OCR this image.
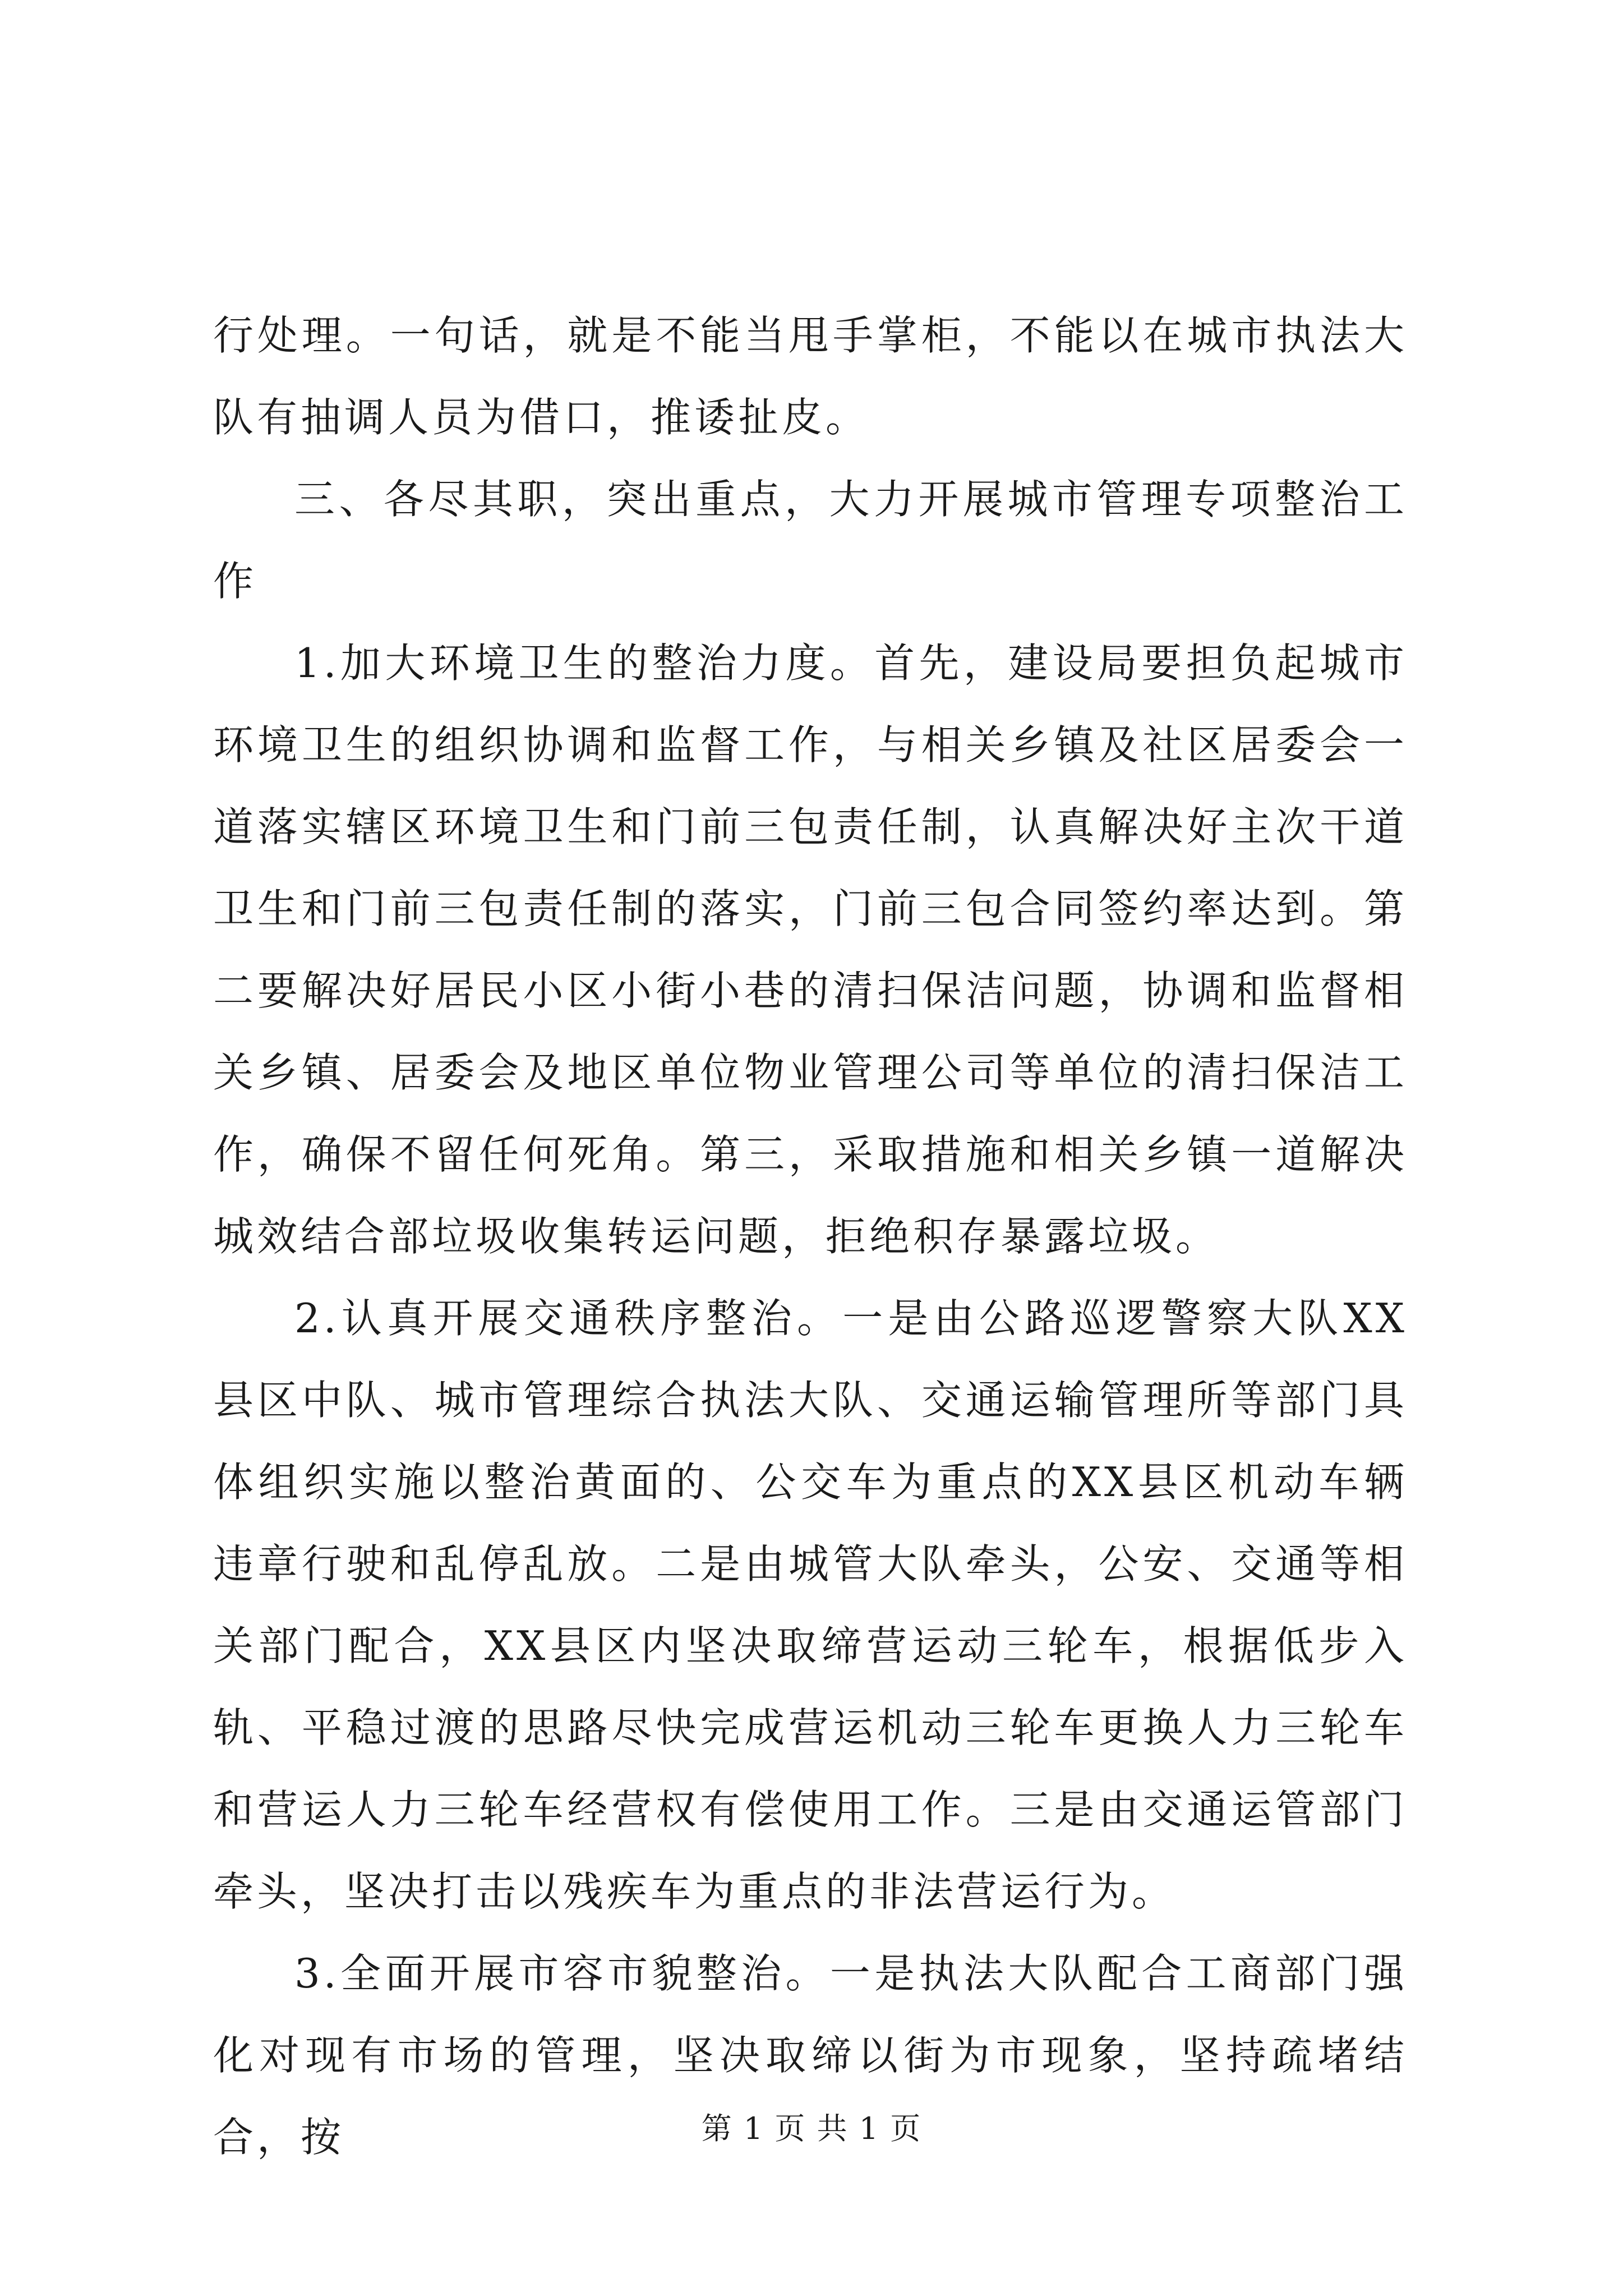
行处理。一句话，就是不能当甩手掌柜，不能以在城市执法大队有抽调人员为借口，推诿扯皮。

三、各尽其职，突出重点，大力开展城市管理专项整治工作

1.加大环境卫生的整治力度。首先，建设局要担负起城市环境卫生的组织协调和监督工作，与相关乡镇及社区居委会一道落实辖区环境卫生和门前三包责任制，认真解决好主次干道卫生和门前三包责任制的落实，门前三包合同签约率达到。第二要解决好居民小区小街小巷的清扫保洁问题，协调和监督相关乡镇、居委会及地区单位物业管理公司等单位的清扫保洁工作，确保不留任何死角。第三，采取措施和相关乡镇一道解决城效结合部垃圾收集转运问题，拒绝积存暴露垃圾。

2.认真开展交通秩序整治。一是由公路巡逻警察大队XX县区中队、城市管理综合执法大队、交通运输管理所等部门具体组织实施以整治黄面的、公交车为重点的XX县区机动车辆违章行驶和乱停乱放。二是由城管大队牵头，公安、交通等相关部门配合，XX县区内坚决取缔营运动三轮车，根据低步入轨、平稳过渡的思路尽快完成营运机动三轮车更换人力三轮车和营运人力三轮车经营权有偿使用工作。三是由交通运管部门牵头，坚决打击以残疾车为重点的非法营运行为。

3.全面开展市容市貌整治。一是执法大队配合工商部门强化对现有市场的管理，坚决取缔以街为市现象，坚持疏堵结合，按	第 1 页 共 1 页
